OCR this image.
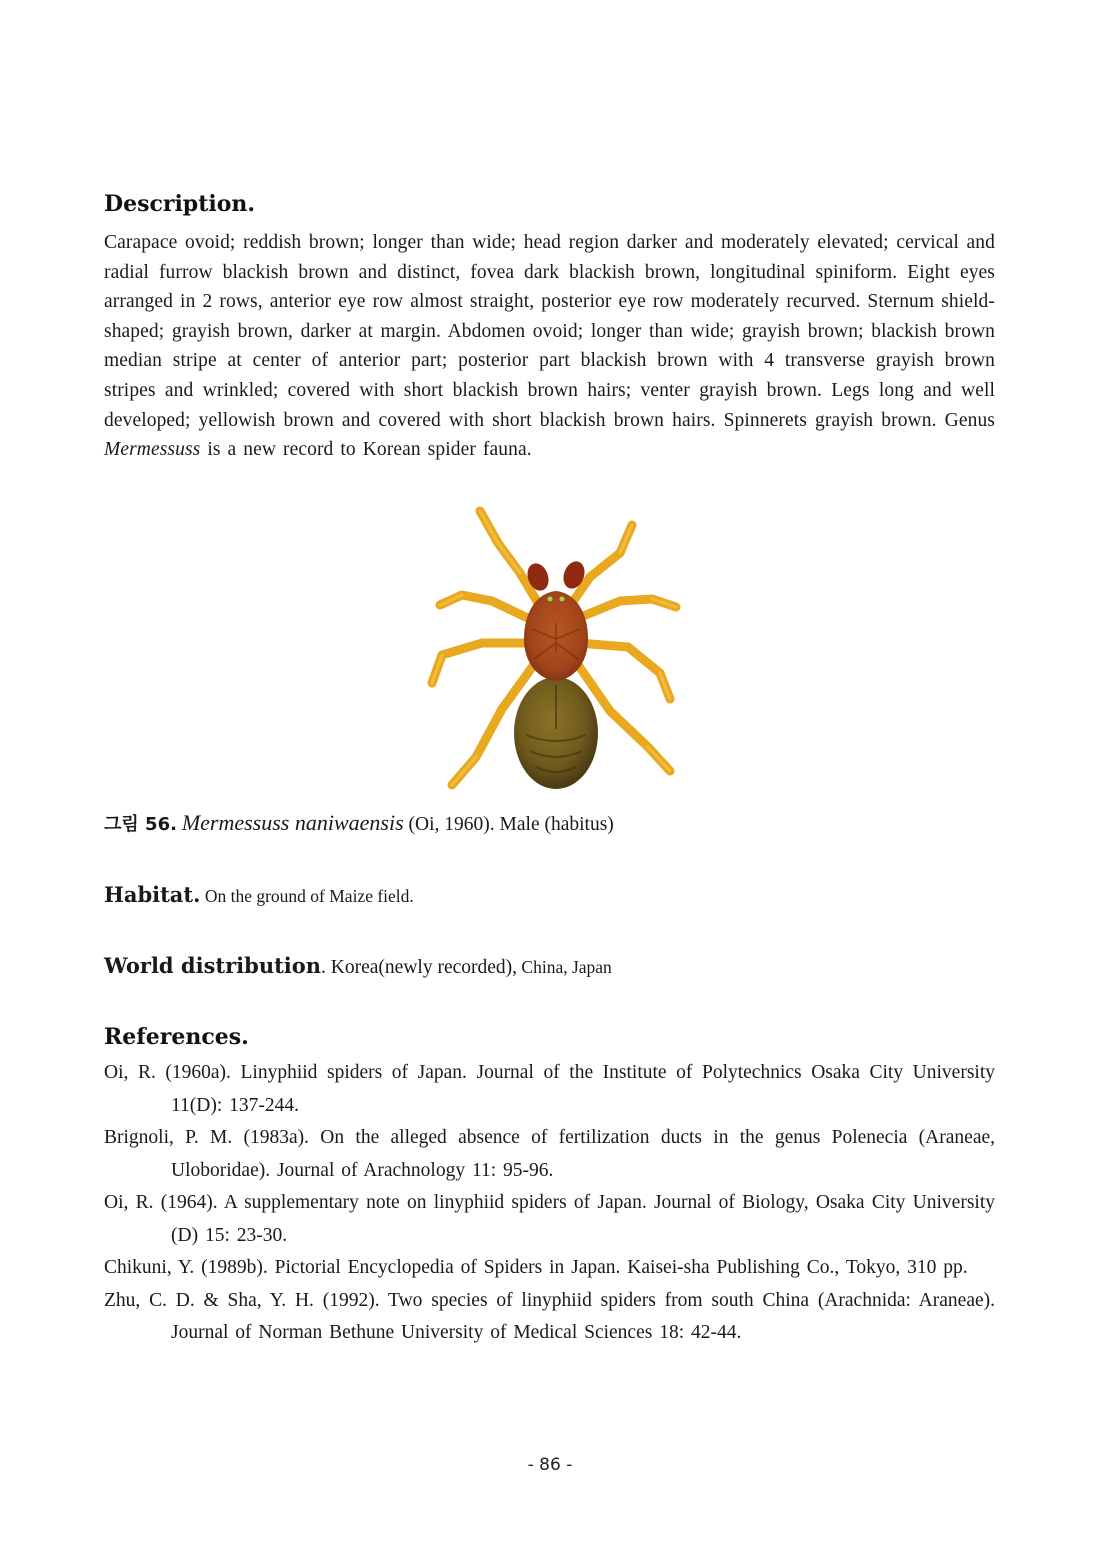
Description.

Carapace ovoid; reddish brown; longer than wide; head region darker and moderately elevated; cervical and radial furrow blackish brown and distinct, fovea dark blackish brown, longitudinal spiniform. Eight eyes arranged in 2 rows, anterior eye row almost straight, posterior eye row moderately recurved. Sternum shield-shaped; grayish brown, darker at margin. Abdomen ovoid; longer than wide; grayish brown; blackish brown median stripe at center of anterior part; posterior part blackish brown with 4 transverse grayish brown stripes and wrinkled; covered with short blackish brown hairs; venter grayish brown. Legs long and well developed; yellowish brown and covered with short blackish brown hairs. Spinnerets grayish brown. Genus Mermessuss is a new record to Korean spider fauna.

그림 56. Mermessuss naniwaensis (Oi, 1960). Male (habitus)
Habitat. On the ground of Maize field.
World distribution. Korea(newly recorded), China, Japan
References.
Oi, R. (1960a). Linyphiid spiders of Japan. Journal of the Institute of Polytechnics Osaka City University 11(D): 137-244.
Brignoli, P. M. (1983a). On the alleged absence of fertilization ducts in the genus Polenecia (Araneae, Uloboridae). Journal of Arachnology 11: 95-96.
Oi, R. (1964). A supplementary note on linyphiid spiders of Japan. Journal of Biology, Osaka City University (D) 15: 23-30.
Chikuni, Y. (1989b). Pictorial Encyclopedia of Spiders in Japan. Kaisei-sha Publishing Co., Tokyo, 310 pp.
Zhu, C. D. & Sha, Y. H. (1992). Two species of linyphiid spiders from south China (Arachnida: Araneae). Journal of Norman Bethune University of Medical Sciences 18: 42-44.
- 86 -
